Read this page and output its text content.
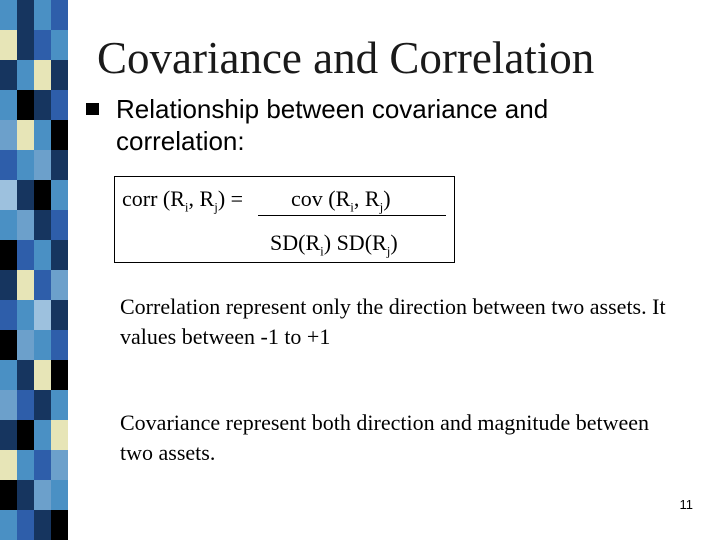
Covariance and Correlation
Relationship between covariance and correlation:
corr ($R_i$, $R_j$) = cov ($R_i$, $R_j$)
$SD(R_i)$ $SD(R_j)$
Correlation represent only the direction between two assets. It values between -1 to +1
Covariance represent both direction and magnitude between two assets.
11
